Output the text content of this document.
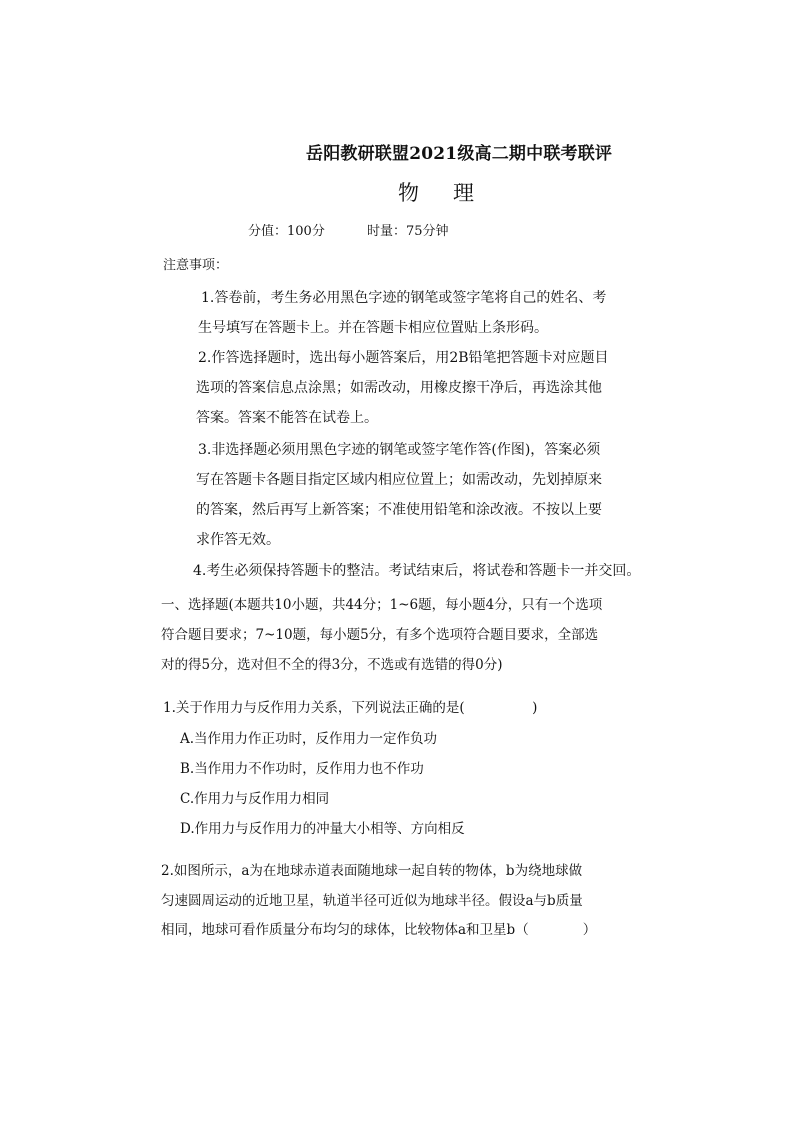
岳阳教研联盟2021级高二期中联考联评
物 理
分值：100分	时量：75分钟
注意事项：
1.答卷前，考生务必用黑色字迹的钢笔或签字笔将自己的姓名、考
生号填写在答题卡上。并在答题卡相应位置贴上条形码。
2.作答选择题时，选出每小题答案后，用2B铅笔把答题卡对应题目
选项的答案信息点涂黑；如需改动，用橡皮擦干净后，再选涂其他
答案。答案不能答在试卷上。
3.非选择题必须用黑色字迹的钢笔或签字笔作答(作图)，答案必须
写在答题卡各题目指定区域内相应位置上；如需改动，先划掉原来
的答案，然后再写上新答案；不准使用铅笔和涂改液。不按以上要
求作答无效。
4.考生必须保持答题卡的整洁。考试结束后，将试卷和答题卡一并交回。
一、选择题(本题共10小题，共44分；1~6题，每小题4分，只有一个选项
符合题目要求；7~10题，每小题5分，有多个选项符合题目要求，全部选
对的得5分，选对但不全的得3分，不选或有选错的得0分)
1.关于作用力与反作用力关系，下列说法正确的是(　　　　　)
A.当作用力作正功时，反作用力一定作负功
B.当作用力不作功时，反作用力也不作功
C.作用力与反作用力相同
D.作用力与反作用力的冲量大小相等、方向相反
2.如图所示，a为在地球赤道表面随地球一起自转的物体，b为绕地球做
匀速圆周运动的近地卫星，轨道半径可近似为地球半径。假设a与b质量
相同，地球可看作质量分布均匀的球体，比较物体a和卫星b（　　　　）
